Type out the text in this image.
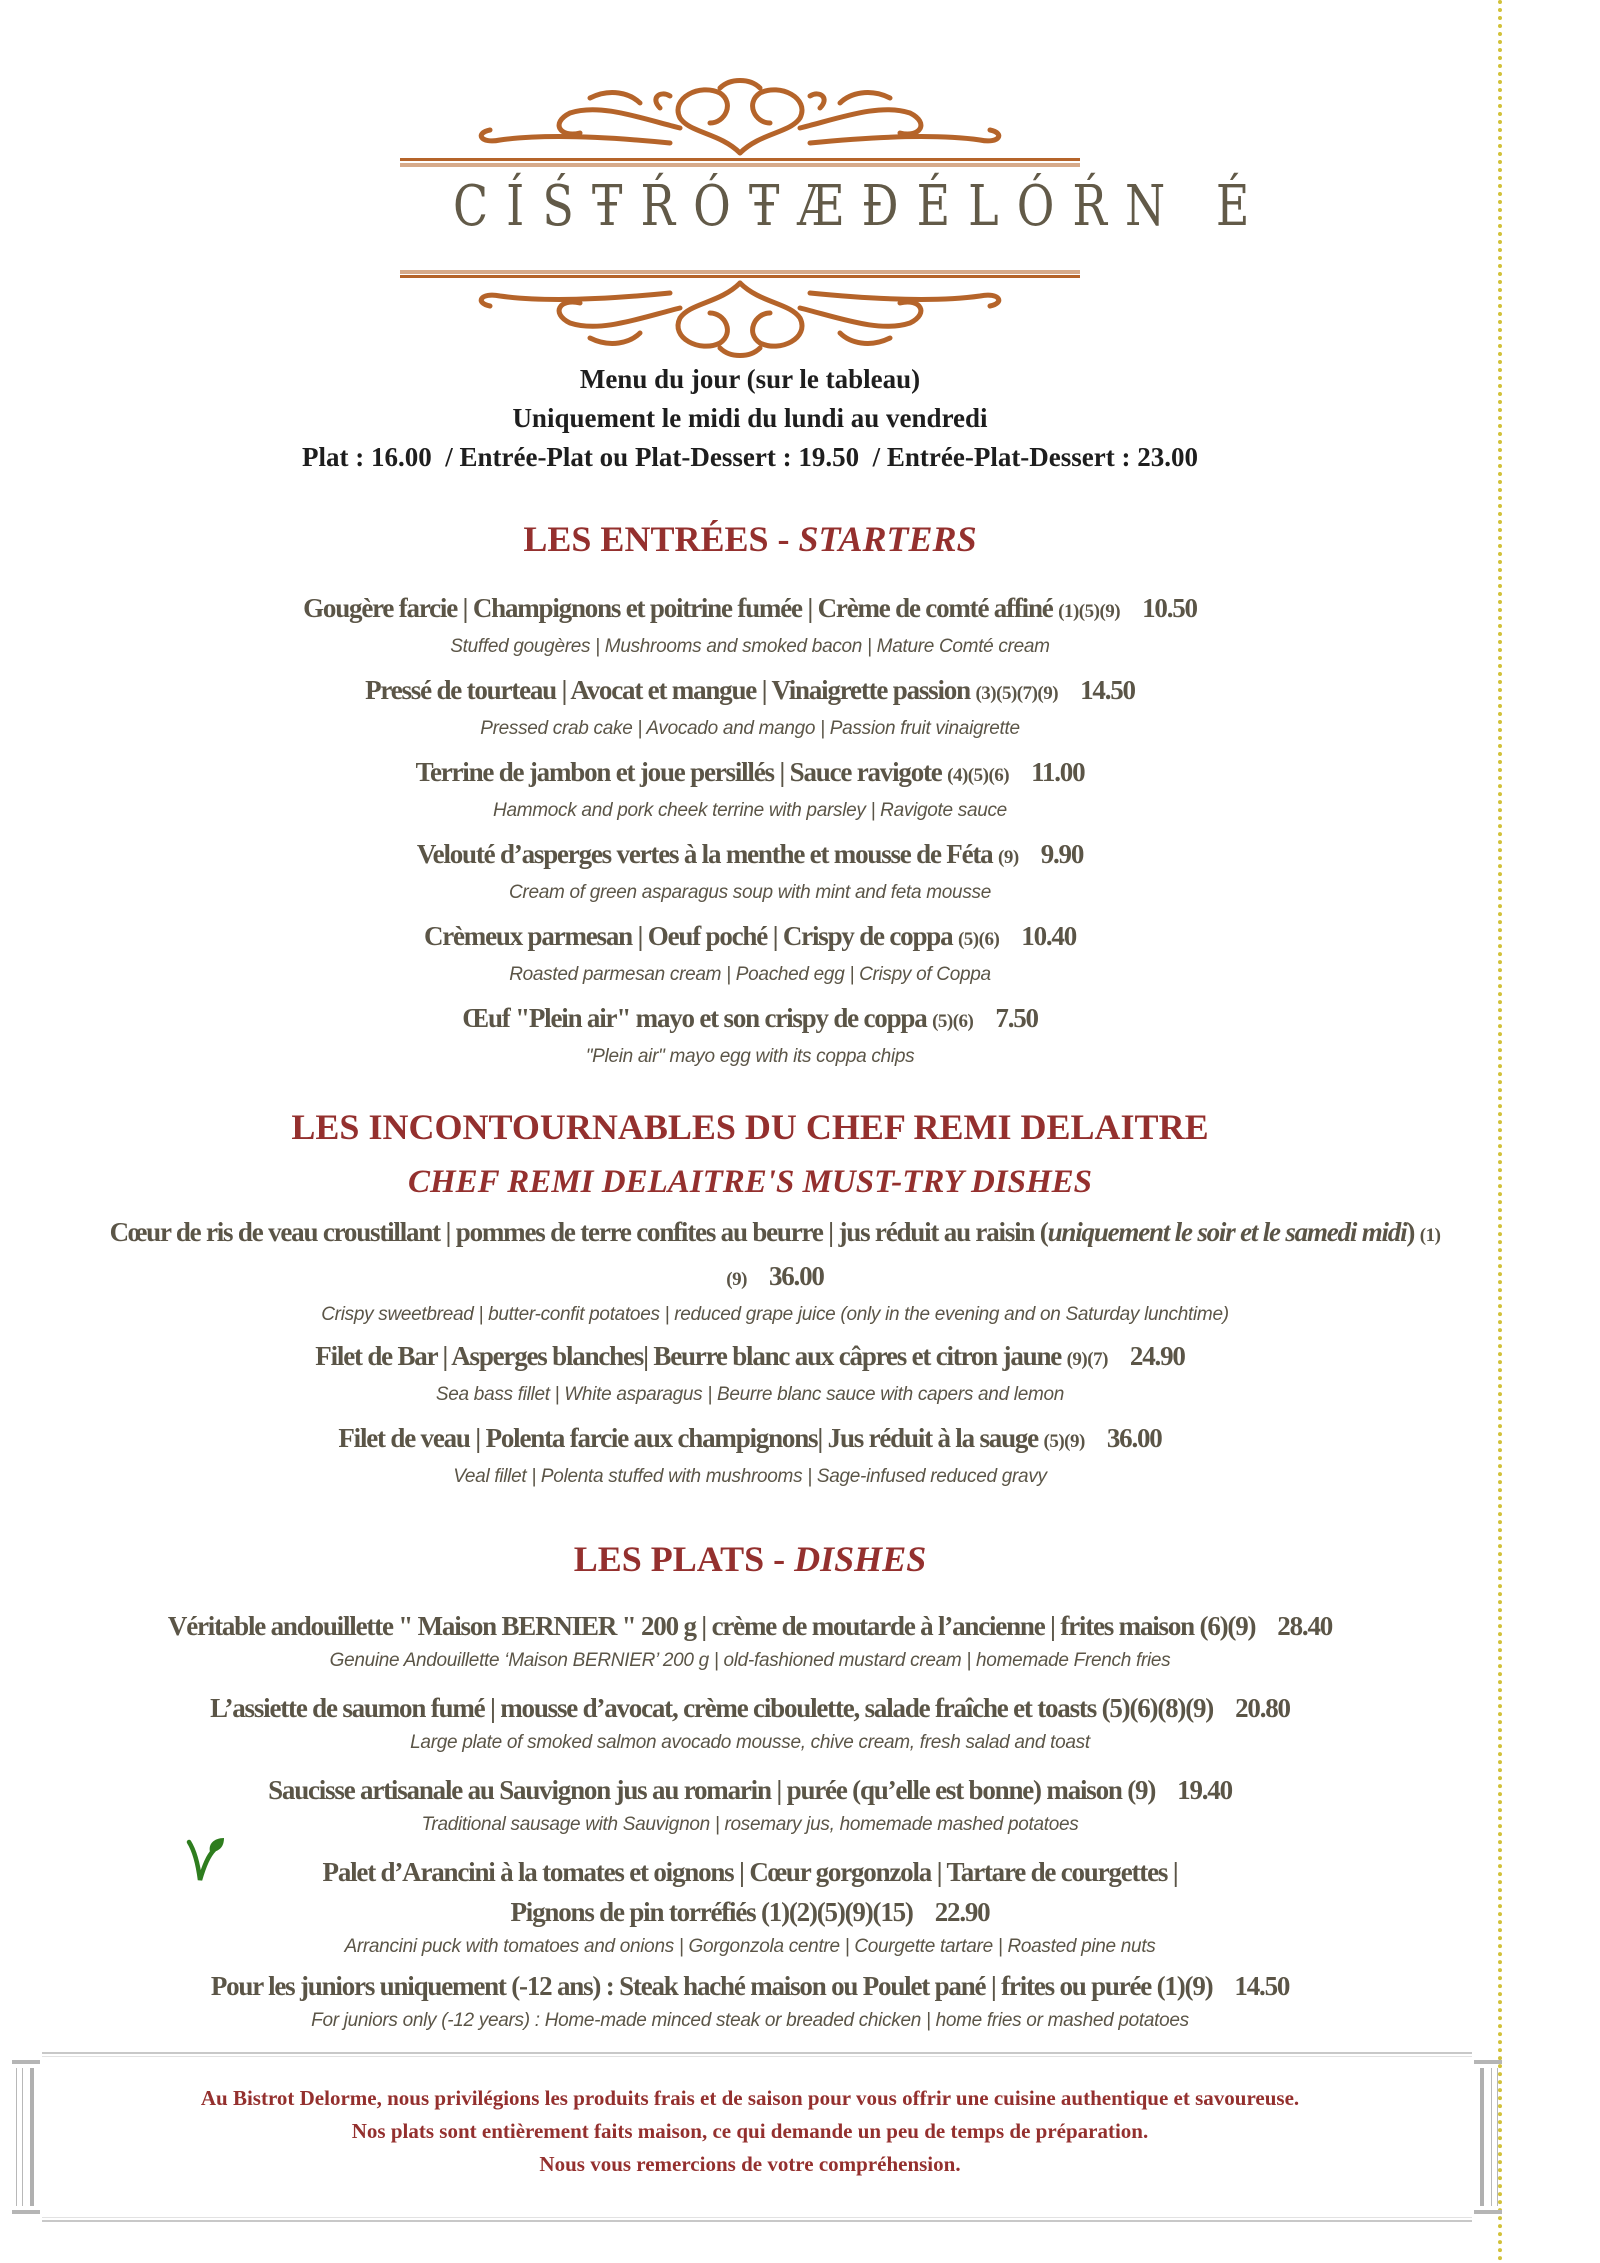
CÍŚŦŔÓŦÆĐÉLÓŔN É
Menu du jour (sur le tableau)
Uniquement le midi du lundi au vendredi
Plat : 16.00  / Entrée-Plat ou Plat-Dessert : 19.50  / Entrée-Plat-Dessert : 23.00
LES ENTRÉES - STARTERS
Gougère farcie | Champignons et poitrine fumée | Crème de comté affiné (1)(5)(9) 10.50
Stuffed gougères | Mushrooms and smoked bacon | Mature Comté cream
Pressé de tourteau | Avocat et mangue | Vinaigrette passion (3)(5)(7)(9) 14.50
Pressed crab cake | Avocado and mango | Passion fruit vinaigrette
Terrine de jambon et joue persillés | Sauce ravigote (4)(5)(6) 11.00
Hammock and pork cheek terrine with parsley | Ravigote sauce
Velouté d’asperges vertes à la menthe et mousse de Féta (9) 9.90
Cream of green asparagus soup with mint and feta mousse
Crèmeux parmesan | Oeuf poché | Crispy de coppa (5)(6) 10.40
Roasted parmesan cream | Poached egg | Crispy of Coppa
Œuf "Plein air" mayo et son crispy de coppa (5)(6) 7.50
"Plein air" mayo egg with its coppa chips
LES INCONTOURNABLES DU CHEF REMI DELAITRE
CHEF REMI DELAITRE'S MUST-TRY DISHES
Cœur de ris de veau croustillant | pommes de terre confites au beurre | jus réduit au raisin (uniquement le soir et le samedi midi) (1)(9) 36.00
Crispy sweetbread | butter-confit potatoes | reduced grape juice (only in the evening and on Saturday lunchtime)
Filet de Bar | Asperges blanches| Beurre blanc aux câpres et citron jaune (9)(7) 24.90
Sea bass fillet | White asparagus | Beurre blanc sauce with capers and lemon
Filet de veau | Polenta farcie aux champignons| Jus réduit à la sauge (5)(9) 36.00
Veal fillet | Polenta stuffed with mushrooms | Sage-infused reduced gravy
LES PLATS - DISHES
Véritable andouillette " Maison BERNIER " 200 g | crème de moutarde à l’ancienne | frites maison (6)(9) 28.40
Genuine Andouillette ‘Maison BERNIER’ 200 g | old-fashioned mustard cream | homemade French fries
L’assiette de saumon fumé | mousse d’avocat, crème ciboulette, salade fraîche et toasts (5)(6)(8)(9) 20.80
Large plate of smoked salmon avocado mousse, chive cream, fresh salad and toast
Saucisse artisanale au Sauvignon jus au romarin | purée (qu’elle est bonne) maison (9) 19.40
Traditional sausage with Sauvignon | rosemary jus, homemade mashed potatoes
Palet d’Arancini à la tomates et oignons | Cœur gorgonzola | Tartare de courgettes |
Pignons de pin torréfiés (1)(2)(5)(9)(15) 22.90
Arrancini puck with tomatoes and onions | Gorgonzola centre | Courgette tartare | Roasted pine nuts
Pour les juniors uniquement (-12 ans) : Steak haché maison ou Poulet pané | frites ou purée (1)(9) 14.50
For juniors only (-12 years) : Home-made minced steak or breaded chicken | home fries or mashed potatoes
Au Bistrot Delorme, nous privilégions les produits frais et de saison pour vous offrir une cuisine authentique et savoureuse.
Nos plats sont entièrement faits maison, ce qui demande un peu de temps de préparation.
Nous vous remercions de votre compréhension.
